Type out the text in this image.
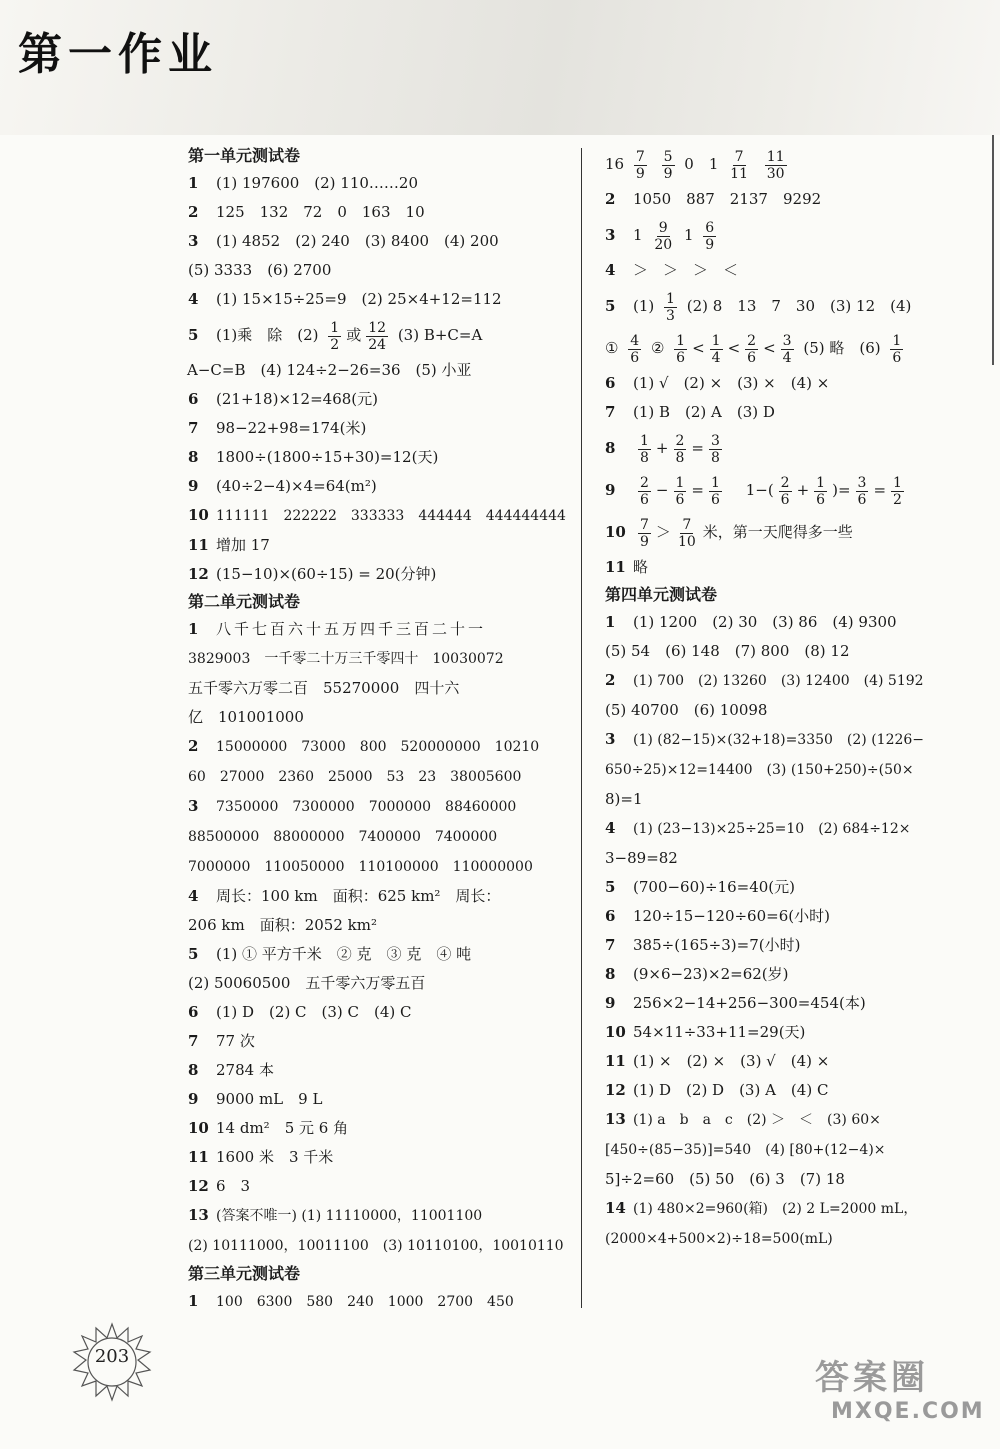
第一作业
第一单元测试卷
1 (1) 197600　(2) 110……20
2 125　132　72　0　163　10
3 (1) 4852　(2) 240　(3) 8400　(4) 200
(5) 3333　(6) 2700
4 (1) 15×15÷25=9　(2) 25×4+12=112
5 (1)乘　除　$(2) \frac{1}{2}$ 或 $\frac{12}{24} (3)$ B+C=A
A−C=B　(4) 124÷2−26=36　(5) 小亚
6 (21+18)×12=468(元)
7 98−22+98=174(米)
8 1800÷(1800÷15+30)=12(天)
9 (40÷2−4)×4=64(m²)
10 111111　222222　333333　444444　444444444
11 增加 17
12 (15−10)×(60÷15) = 20(分钟)
第二单元测试卷
1 八千七百六十五万四千三百二十一
3829003　一千零二十万三千零四十　10030072
五千零六万零二百　55270000　四十六
亿　101001000
2 15000000　73000　800　520000000　10210
60　27000　2360　25000　53　23　38005600
3 7350000　7300000　7000000　88460000
88500000　88000000　7400000　7400000
7000000　110050000　110100000　110000000
4 周长：100 km　面积：625 km²　周长：
206 km　面积：2052 km²
5 (1) ① 平方千米　② 克　③ 克　④ 吨
(2) 50060500　五千零六万零五百
6 (1) D　(2) C　(3) C　(4) C
7 77 次
8 2784 本
9 9000 mL　9 L
10 14 dm²　5 元 6 角
11 1600 米　3 千米
12 6　3
13 (答案不唯一) (1) 11110000，11001100
(2) 10111000，10011100　(3) 10110100，10010110
第三单元测试卷
1 100　6300　580　240　1000　2700　450
$16 \frac{7}{9}$
$\frac{5}{9} 0$　$1 \frac{7}{11}$
$\frac{11}{30}$
2 1050　887　2137　9292
3 $1 \frac{9}{20} 1 \frac{6}{9}$
4 ＞　＞　＞　＜
5 $(1) \frac{1}{3} (2)$ 8　13　7　30　(3) 12　(4)
① $\frac{4}{6}$ ② $\frac{1}{6} < \frac{1}{4} < \frac{2}{6} < \frac{3}{4} (5)$ 略　$(6) \frac{1}{6}$
6 (1) √　(2) ×　(3) ×　(4) ×
7 (1) B　(2) A　(3) D
$8 \frac{1}{8} + \frac{2}{8} = \frac{3}{8}$
$9 \frac{2}{6} - \frac{1}{6} = \frac{1}{6} 1-( \frac{2}{6} + \frac{1}{6}$ )= $\frac{3}{6} = \frac{1}{2}$
$10 \frac{7}{9} > \frac{7}{10}$ 米，第一天爬得多一些
11 略
第四单元测试卷
1 (1) 1200　(2) 30　(3) 86　(4) 9300
(5) 54　(6) 148　(7) 800　(8) 12
2 (1) 700　(2) 13260　(3) 12400　(4) 5192
(5) 40700　(6) 10098
3 (1) (82−15)×(32+18)=3350　(2) (1226−
650÷25)×12=14400　(3) (150+250)÷(50×
8)=1
4 (1) (23−13)×25÷25=10　(2) 684÷12×
3−89=82
5 (700−60)÷16=40(元)
6 120÷15−120÷60=6(小时)
7 385÷(165÷3)=7(小时)
8 (9×6−23)×2=62(岁)
9 256×2−14+256−300=454(本)
10 54×11÷33+11=29(天)
11 (1) ×　(2) ×　(3) √　(4) ×
12 (1) D　(2) D　(3) A　(4) C
13 (1) a　b　a　c　(2) ＞　＜　(3) 60×
[450÷(85−35)]=540　(4) [80+(12−4)×
5]÷2=60　(5) 50　(6) 3　(7) 18
14 (1) 480×2=960(箱)　(2) 2 L=2000 mL，
(2000×4+500×2)÷18=500(mL)
203
答案圈
MXQE.COM
